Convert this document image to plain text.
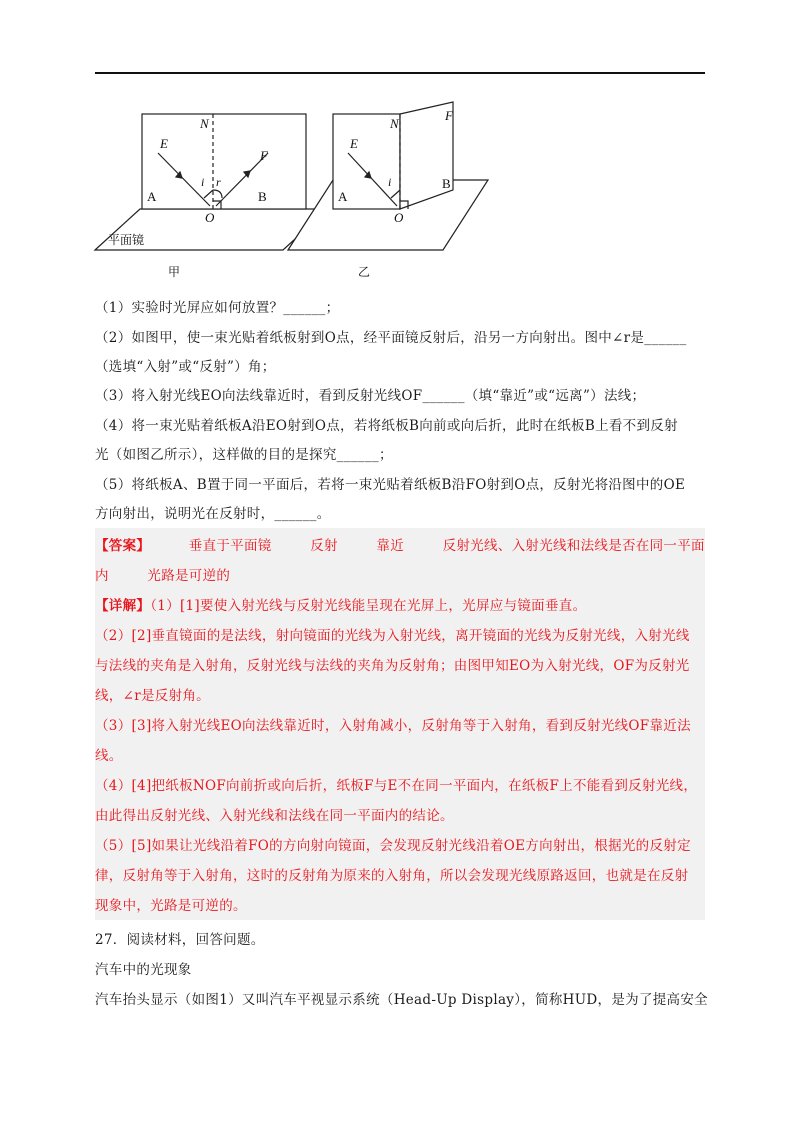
N
E
F
i r
A	B
O
平面镜
甲
N
E
F
i
A
B
O
乙
（1）实验时光屏应如何放置？______；
（2）如图甲，使一束光贴着纸板射到O点，经平面镜反射后，沿另一方向射出。图中∠r是______
（选填“入射”或“反射”）角；
（3）将入射光线EO向法线靠近时，看到反射光线OF______（填“靠近”或“远离”）法线；
（4）将一束光贴着纸板A沿EO射到O点，若将纸板B向前或向后折，此时在纸板B上看不到反射
光（如图乙所示），这样做的目的是探究______；
（5）将纸板A、B置于同一平面后，若将一束光贴着纸板B沿FO射到O点，反射光将沿图中的OE
方向射出，说明光在反射时，______。
【答案】	垂直于平面镜	反射	靠近	反射光线、入射光线和法线是否在同一平面
内	光路是可逆的
【详解】（1）[1]要使入射光线与反射光线能呈现在光屏上，光屏应与镜面垂直。
（2）[2]垂直镜面的是法线，射向镜面的光线为入射光线，离开镜面的光线为反射光线，入射光线
与法线的夹角是入射角，反射光线与法线的夹角为反射角；由图甲知EO为入射光线，OF为反射光
线，∠r是反射角。
（3）[3]将入射光线EO向法线靠近时，入射角减小，反射角等于入射角，看到反射光线OF靠近法
线。
（4）[4]把纸板NOF向前折或向后折，纸板F与E不在同一平面内，在纸板F上不能看到反射光线，
由此得出反射光线、入射光线和法线在同一平面内的结论。
（5）[5]如果让光线沿着FO的方向射向镜面，会发现反射光线沿着OE方向射出，根据光的反射定
律，反射角等于入射角，这时的反射角为原来的入射角，所以会发现光线原路返回，也就是在反射
现象中，光路是可逆的。
27．阅读材料，回答问题。
汽车中的光现象
汽车抬头显示（如图1）又叫汽车平视显示系统（Head-Up Display），简称HUD，是为了提高安全
